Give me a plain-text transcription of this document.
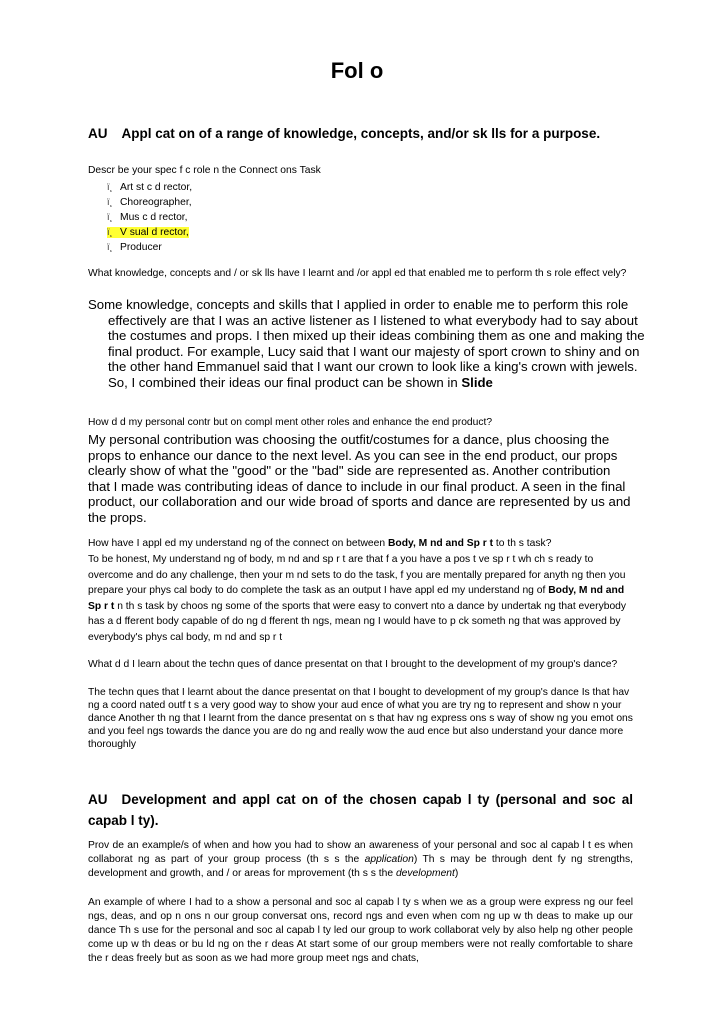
Fol o
AU Appl cat on of a range of knowledge, concepts, and/or sk lls for a purpose.
Descr be your spec f c role n the Connect ons Task
ï¸ Art st c d rector,
ï¸ Choreographer,
ï¸ Mus c d rector,
ï¸ V sual d rector,
ï¸ Producer
What knowledge, concepts and / or sk lls have I learnt and /or appl ed that enabled me to perform th s role effect vely?
Some knowledge, concepts and skills that I applied in order to enable me to perform this role effectively are that I was an active listener as I listened to what everybody had to say about the costumes and props. I then mixed up their ideas combining them as one and making the final product. For example, Lucy said that I want our majesty of sport crown to shiny and on the other hand Emmanuel said that I want our crown to look like a king's crown with jewels. So, I combined their ideas our final product can be shown in Slide
How d d my personal contr but on compl ment other roles and enhance the end product?
My personal contribution was choosing the outfit/costumes for a dance, plus choosing the props to enhance our dance to the next level. As you can see in the end product, our props clearly show of what the "good" or the "bad" side are represented as. Another contribution that I made was contributing ideas of dance to include in our final product. A seen in the final product, our collaboration and our wide broad of sports and dance are represented by us and the props.
How have I appl ed my understand ng of the connect on between Body, M nd and Sp r t to th s task?
To be honest, My understand ng of body, m nd and sp r t are that f a you have a pos t ve sp r t wh ch s ready to overcome and do any challenge, then your m nd sets to do the task, f you are mentally prepared for anyth ng then you prepare your phys cal body to do complete the task as an output I have appl ed my understand ng of Body, M nd and Sp r t n th s task by choos ng some of the sports that were easy to convert nto a dance by undertak ng that everybody has a d fferent body capable of do ng d fferent th ngs, mean ng I would have to p ck someth ng that was approved by everybody's phys cal body, m nd and sp r t
What d d I learn about the techn ques of dance presentat on that I brought to the development of my group's dance?
The techn ques that I learnt about the dance presentat on that I bought to development of my group's dance Is that hav ng a coord nated outf t s a very good way to show your aud ence of what you are try ng to represent and show n your dance Another th ng that I learnt from the dance presentat on s that hav ng express ons s way of show ng you emot ons and you feel ngs towards the dance you are do ng and really wow the aud ence but also understand your dance more thoroughly
AU Development and appl cat on of the chosen capab l ty (personal and soc al capab l ty).
Prov de an example/s of when and how you had to show an awareness of your personal and soc al capab l t es when collaborat ng as part of your group process (th s s the application) Th s may be through dent fy ng strengths, development and growth, and / or areas for mprovement (th s s the development)
An example of where I had to a show a personal and soc al capab l ty s when we as a group were express ng our feel ngs, deas, and op n ons n our group conversat ons, record ngs and even when com ng up w th deas to make up our dance Th s use for the personal and soc al capab l ty led our group to work collaborat vely by also help ng other people come up w th deas or bu ld ng on the r deas At start some of our group members were not really comfortable to share the r deas freely but as soon as we had more group meet ngs and chats,
